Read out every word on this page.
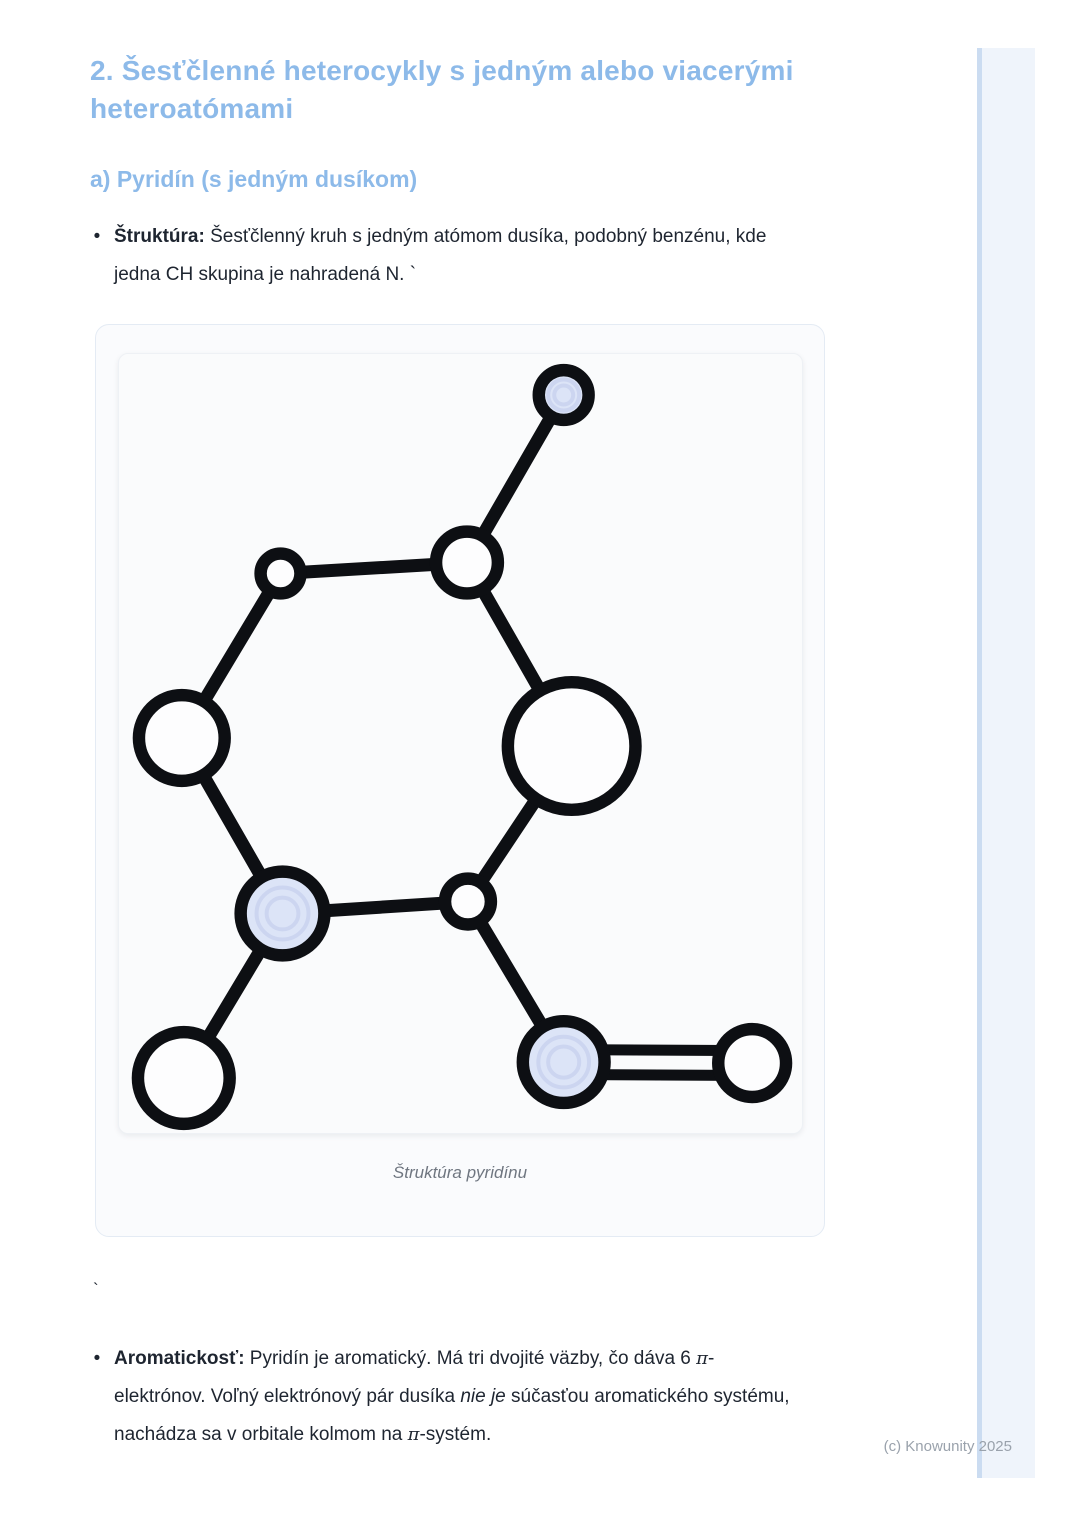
2. Šesťčlenné heterocykly s jedným alebo viacerými heteroatómami
a) Pyridín (s jedným dusíkom)
• Štruktúra: Šesťčlenný kruh s jedným atómom dusíka, podobný benzénu, kde jedna CH skupina je nahradená N. `
Štruktúra pyridínu
`
• Aromatickosť: Pyridín je aromatický. Má tri dvojité väzby, čo dáva 6 π-elektrónov. Voľný elektrónový pár dusíka nie je súčasťou aromatického systému, nachádza sa v orbitale kolmom na π-systém.
(c) Knowunity 2025
